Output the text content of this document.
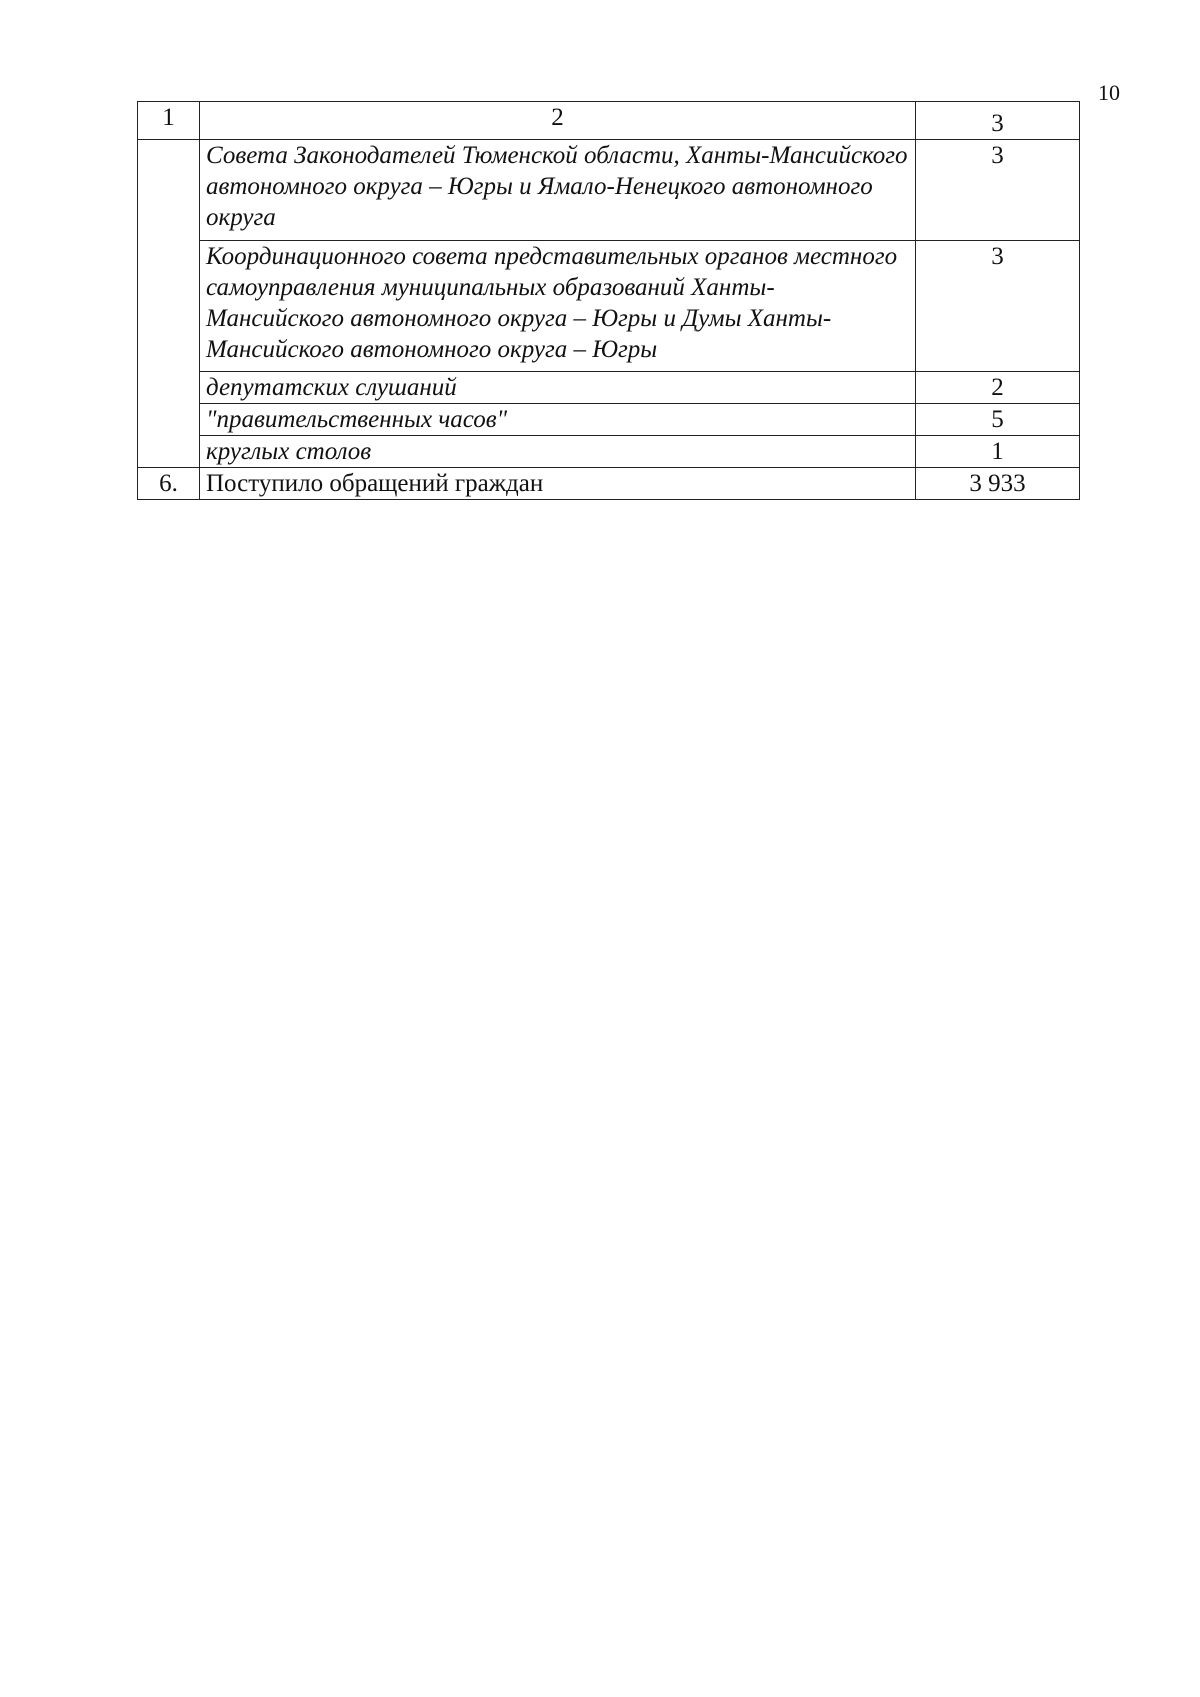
10
1	2	3
	Совета Законодателей Тюменской области, Ханты-Мансийского автономного округа – Югры и Ямало-Ненецкого автономного округа	3
	Координационного совета представительных органов местного самоуправления муниципальных образований Ханты-Мансийского автономного округа – Югры и Думы Ханты-Мансийского автономного округа – Югры	3
	депутатских слушаний	2
	"правительственных часов"	5
	круглых столов	1
6.	Поступило обращений граждан	3 933
